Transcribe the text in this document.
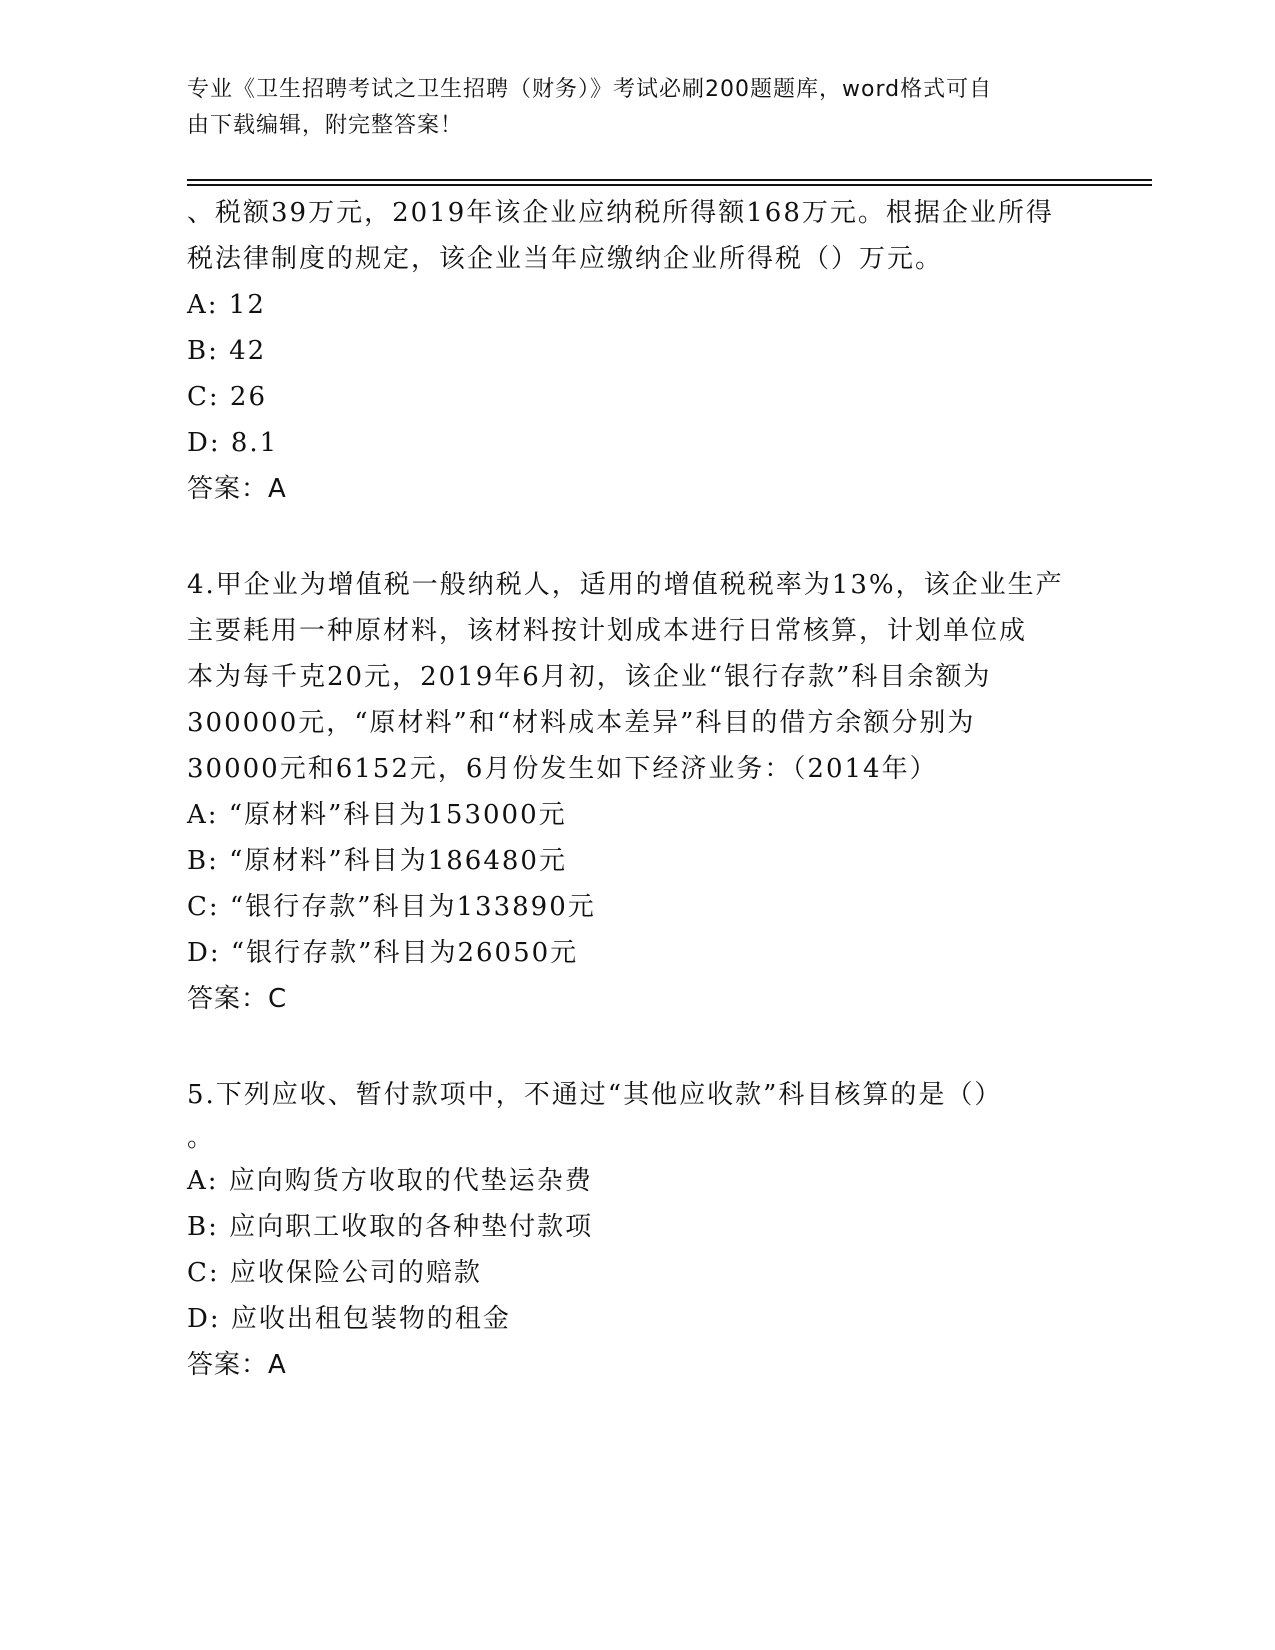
专业《卫生招聘考试之卫生招聘（财务）》考试必刷200题题库，word格式可自
由下载编辑，附完整答案！
、税额39万元，2019年该企业应纳税所得额168万元。根据企业所得
税法律制度的规定，该企业当年应缴纳企业所得税（）万元。
A: 12
B: 42
C: 26
D: 8.1
答案：A
4.甲企业为增值税一般纳税人，适用的增值税税率为13%，该企业生产
主要耗用一种原材料，该材料按计划成本进行日常核算，计划单位成
本为每千克20元，2019年6月初，该企业“银行存款”科目余额为
300000元，“原材料”和“材料成本差异”科目的借方余额分别为
30000元和6152元，6月份发生如下经济业务：（2014年）
A: “原材料”科目为153000元
B: “原材料”科目为186480元
C: “银行存款”科目为133890元
D: “银行存款”科目为26050元
答案：C
5.下列应收、暂付款项中，不通过“其他应收款”科目核算的是（）
。
A: 应向购货方收取的代垫运杂费
B: 应向职工收取的各种垫付款项
C: 应收保险公司的赔款
D: 应收出租包装物的租金
答案：A
